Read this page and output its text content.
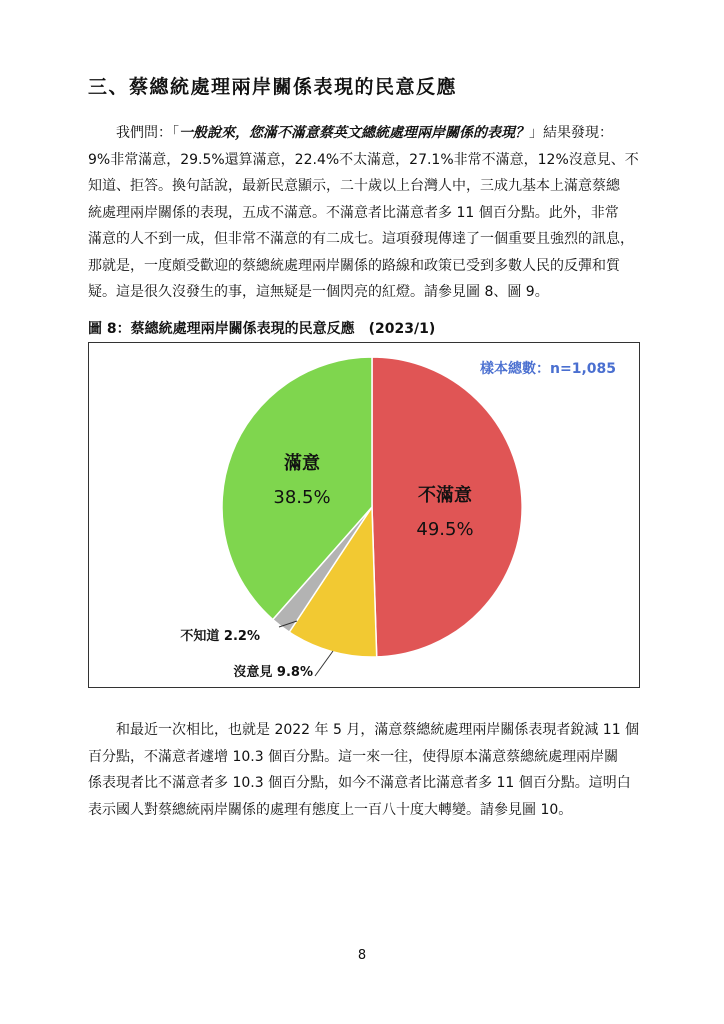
三、蔡總統處理兩岸關係表現的民意反應
  我們問：「一般說來，您滿不滿意蔡英文總統處理兩岸關係的表現？」結果發現：
9%非常滿意，29.5%還算滿意，22.4%不太滿意，27.1%非常不滿意，12%沒意見、不
知道、拒答。換句話說，最新民意顯示，二十歲以上台灣人中，三成九基本上滿意蔡總
統處理兩岸關係的表現，五成不滿意。不滿意者比滿意者多 11 個百分點。此外，非常
滿意的人不到一成，但非常不滿意的有二成七。這項發現傳達了一個重要且強烈的訊息，
那就是，一度頗受歡迎的蔡總統處理兩岸關係的路線和政策已受到多數人民的反彈和質
疑。這是很久沒發生的事，這無疑是一個閃亮的紅燈。請參見圖 8、圖 9。

圖 8：蔡總統處理兩岸關係表現的民意反應　(2023/1)

樣本總數：n=1,085
滿意
38.5%	不滿意
49.5%
不知道 2.2%
沒意見 9.8%
  和最近一次相比，也就是 2022 年 5 月，滿意蔡總統處理兩岸關係表現者銳減 11 個
百分點，不滿意者遽增 10.3 個百分點。這一來一往，使得原本滿意蔡總統處理兩岸關
係表現者比不滿意者多 10.3 個百分點，如今不滿意者比滿意者多 11 個百分點。這明白
表示國人對蔡總統兩岸關係的處理有態度上一百八十度大轉變。請參見圖 10。

8
